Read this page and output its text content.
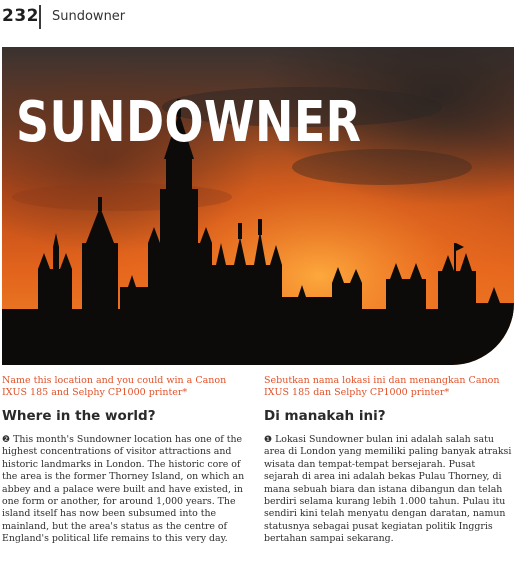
232 Sundowner
SUNDOWNER
Name this location and you could win a Canon IXUS 185 and Selphy CP1000 printer*
Where in the world?
❷ This month's Sundowner location has one of the highest concentrations of visitor attractions and historic landmarks in London. The historic core of the area is the former Thorney Island, on which an abbey and a palace were built and have existed, in one form or another, for around 1,000 years. The island itself has now been subsumed into the mainland, but the area's status as the centre of England's political life remains to this very day.
Sebutkan nama lokasi ini dan menangkan Canon IXUS 185 dan Selphy CP1000 printer*
Di manakah ini?
❶ Lokasi Sundowner bulan ini adalah salah satu area di London yang memiliki paling banyak atraksi wisata dan tempat-tempat bersejarah. Pusat sejarah di area ini adalah bekas Pulau Thorney, di mana sebuah biara dan istana dibangun dan telah berdiri selama kurang lebih 1.000 tahun. Pulau itu sendiri kini telah menyatu dengan daratan, namun statusnya sebagai pusat kegiatan politik Inggris bertahan sampai sekarang.
